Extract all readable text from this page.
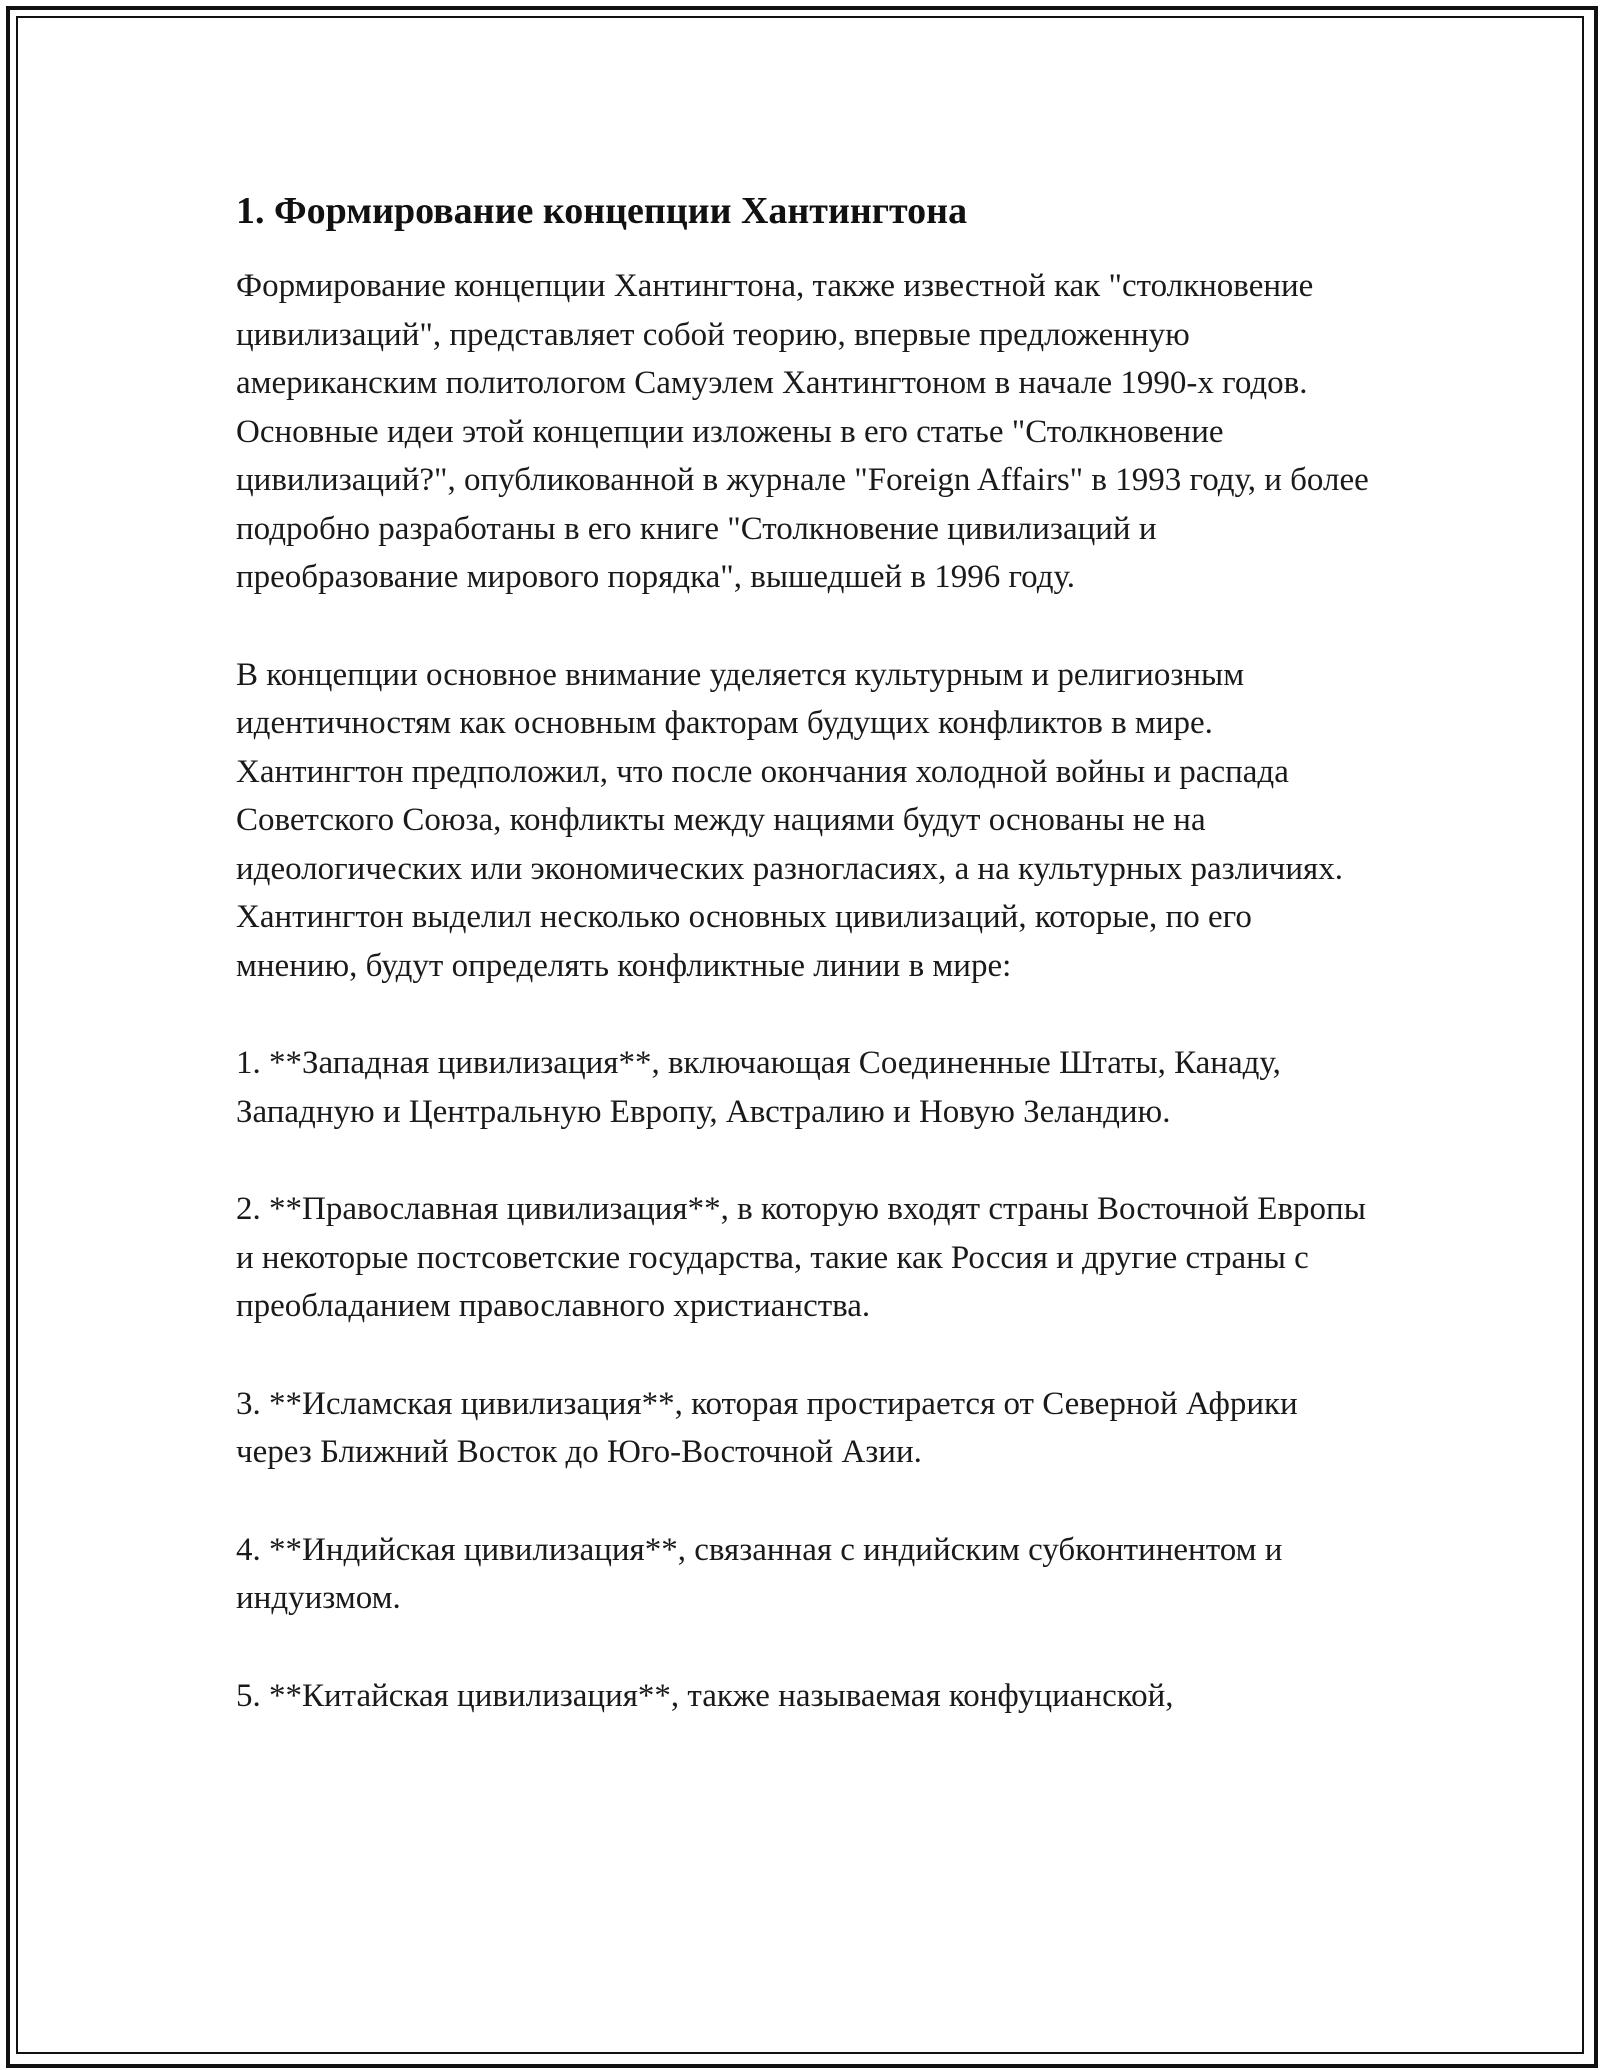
1. Формирование концепции Хантингтона

Формирование концепции Хантингтона, также известной как "столкновение цивилизаций", представляет собой теорию, впервые предложенную американским политологом Самуэлем Хантингтоном в начале 1990-х годов. Основные идеи этой концепции изложены в его статье "Столкновение цивилизаций?", опубликованной в журнале "Foreign Affairs" в 1993 году, и более подробно разработаны в его книге "Столкновение цивилизаций и преобразование мирового порядка", вышедшей в 1996 году.

В концепции основное внимание уделяется культурным и религиозным идентичностям как основным факторам будущих конфликтов в мире. Хантингтон предположил, что после окончания холодной войны и распада Советского Союза, конфликты между нациями будут основаны не на идеологических или экономических разногласиях, а на культурных различиях. Хантингтон выделил несколько основных цивилизаций, которые, по его мнению, будут определять конфликтные линии в мире:

1. **Западная цивилизация**, включающая Соединенные Штаты, Канаду, Западную и Центральную Европу, Австралию и Новую Зеландию.

2. **Православная цивилизация**, в которую входят страны Восточной Европы и некоторые постсоветские государства, такие как Россия и другие страны с преобладанием православного христианства.

3. **Исламская цивилизация**, которая простирается от Северной Африки через Ближний Восток до Юго-Восточной Азии.

4. **Индийская цивилизация**, связанная с индийским субконтинентом и индуизмом.

5. **Китайская цивилизация**, также называемая конфуцианской,
